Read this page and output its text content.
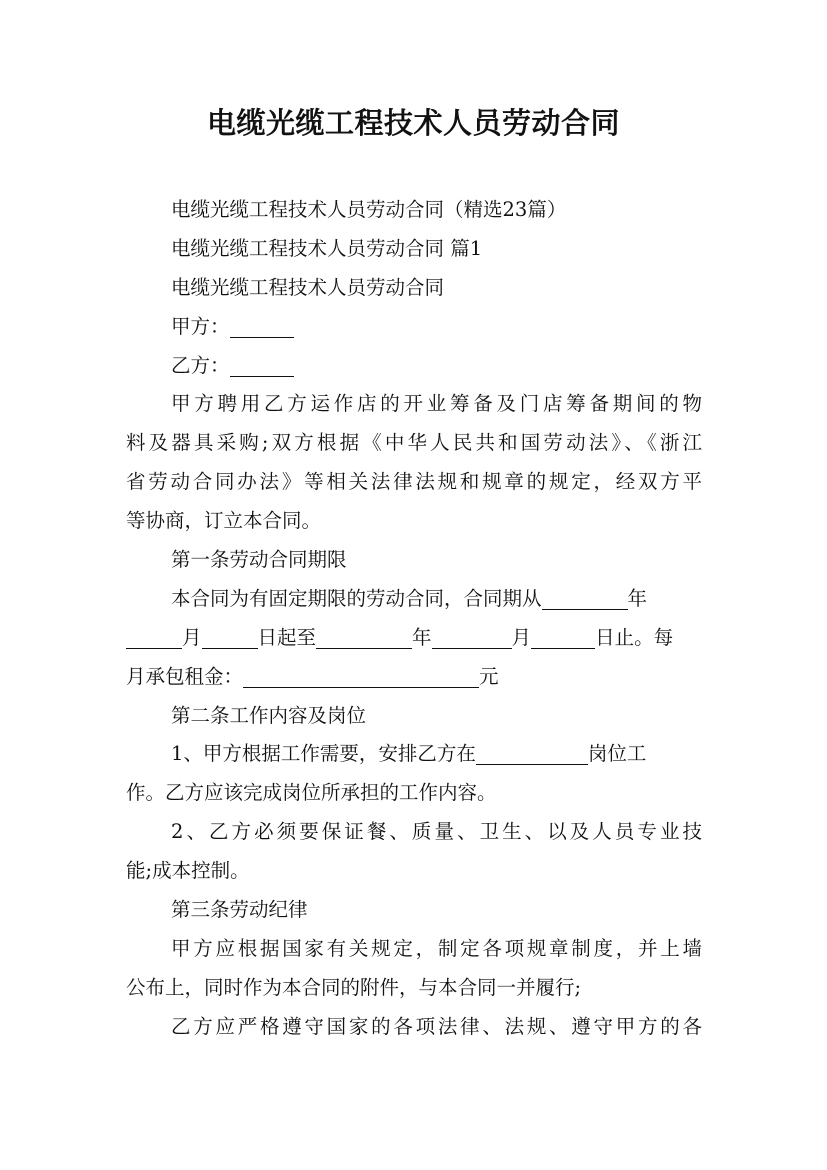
电缆光缆工程技术人员劳动合同
电缆光缆工程技术人员劳动合同（精选23篇）
电缆光缆工程技术人员劳动合同 篇1
电缆光缆工程技术人员劳动合同
甲方：
乙方：
甲方聘用乙方运作店的开业筹备及门店筹备期间的物
料及器具采购;双方根据《中华人民共和国劳动法》、《浙江
省劳动合同办法》等相关法律法规和规章的规定，经双方平
等协商，订立本合同。
第一条劳动合同期限
本合同为有固定期限的劳动合同，合同期从	年
月	日起至	年	月	日止。每
月承包租金：	元
第二条工作内容及岗位
1、甲方根据工作需要，安排乙方在	岗位工
作。乙方应该完成岗位所承担的工作内容。
2、乙方必须要保证餐、质量、卫生、以及人员专业技
能;成本控制。
第三条劳动纪律
甲方应根据国家有关规定，制定各项规章制度，并上墙
公布上，同时作为本合同的附件，与本合同一并履行;
乙方应严格遵守国家的各项法律、法规、遵守甲方的各
